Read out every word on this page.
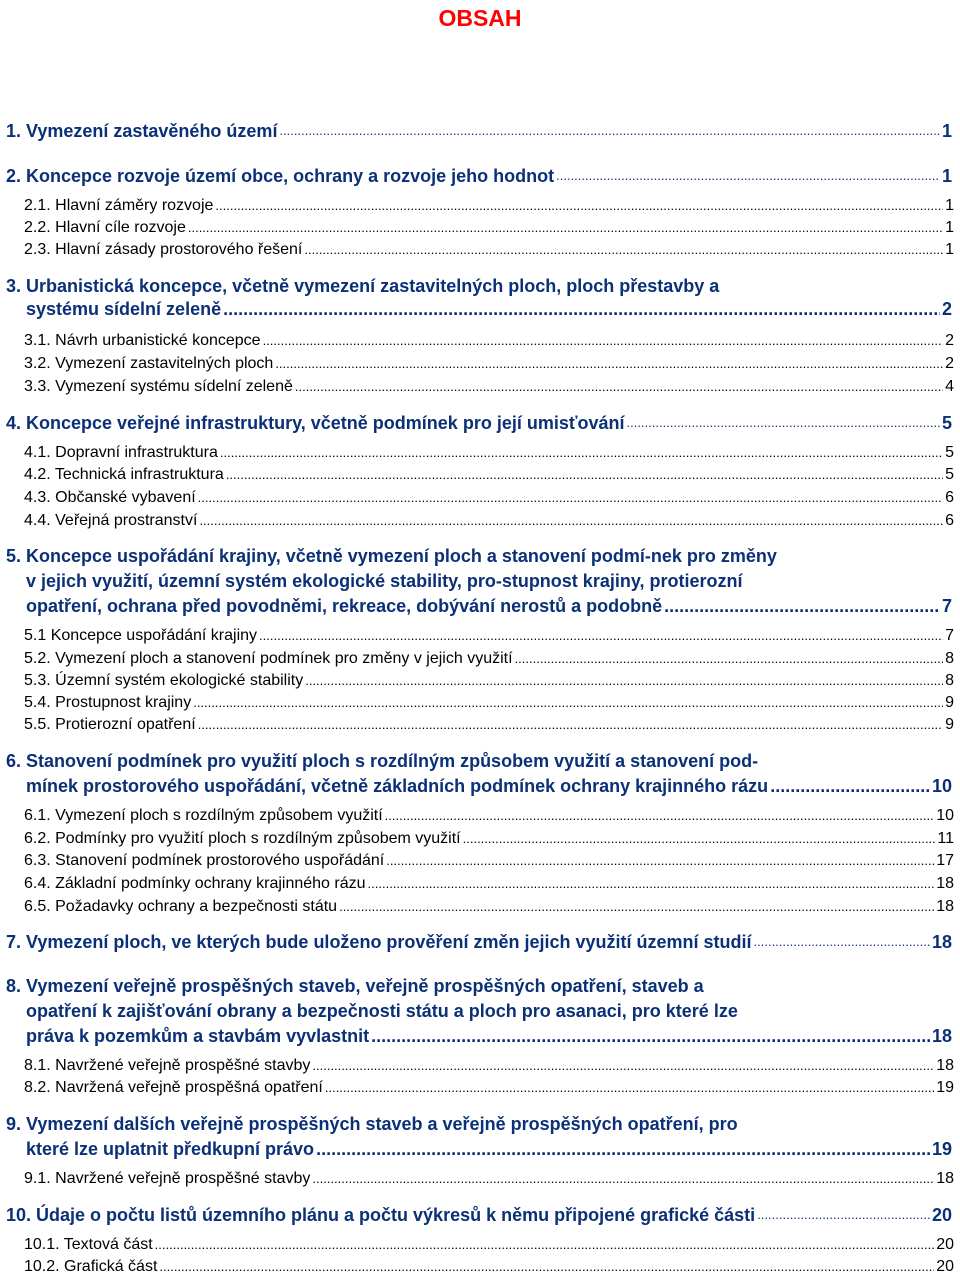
OBSAH
1. Vymezení zastavěného území .....	1
2. Koncepce rozvoje území obce, ochrany a rozvoje jeho hodnot .....	1
2.1. Hlavní záměry rozvoje .....	1
2.2. Hlavní cíle rozvoje .....	1
2.3. Hlavní zásady prostorového řešení .....	1
3. Urbanistická koncepce, včetně vymezení zastavitelných ploch, ploch přestavby a
systému sídelní zeleně .....	2
3.1. Návrh urbanistické koncepce .....	2
3.2. Vymezení zastavitelných ploch .....	2
3.3. Vymezení systému sídelní zeleně .....	4
4. Koncepce veřejné infrastruktury, včetně podmínek pro její umisťování .....	5
4.1. Dopravní infrastruktura .....	5
4.2. Technická infrastruktura .....	5
4.3. Občanské vybavení .....	6
4.4. Veřejná prostranství .....	6
5. Koncepce uspořádání krajiny, včetně vymezení ploch a stanovení podmí-nek pro změny
v jejich využití, územní systém ekologické stability, pro-stupnost krajiny, protierozní
opatření, ochrana před povodněmi, rekreace, dobývání nerostů a podobně .....	7
5.1 Koncepce uspořádání krajiny .....	7
5.2. Vymezení ploch a stanovení podmínek pro změny v jejich využití .....	8
5.3. Územní systém ekologické stability .....	8
5.4. Prostupnost krajiny .....	9
5.5. Protierozní opatření .....	9
6. Stanovení podmínek pro využití ploch s rozdílným způsobem využití a stanovení pod-
mínek prostorového uspořádání, včetně základních podmínek ochrany krajinného rázu .....	10
6.1. Vymezení ploch s rozdílným způsobem využití .....	10
6.2. Podmínky pro využití ploch s rozdílným způsobem využití .....	11
6.3. Stanovení podmínek prostorového uspořádání .....	17
6.4. Základní podmínky ochrany krajinného rázu .....	18
6.5. Požadavky ochrany a bezpečnosti státu .....	18
7. Vymezení ploch, ve kterých bude uloženo prověření změn jejich využití územní studií .....	18
8. Vymezení veřejně prospěšných staveb, veřejně prospěšných opatření, staveb a
opatření k zajišťování obrany a bezpečnosti státu a ploch pro asanaci, pro které lze
práva k pozemkům a stavbám vyvlastnit .....	18
8.1. Navržené veřejně prospěšné stavby .....	18
8.2. Navržená veřejně prospěšná opatření .....	19
9. Vymezení dalších veřejně prospěšných staveb a veřejně prospěšných opatření, pro
které lze uplatnit předkupní právo .....	19
9.1. Navržené veřejně prospěšné stavby .....	18
10. Údaje o počtu listů územního plánu a počtu výkresů k němu připojené grafické části .....	20
10.1. Textová část .....	20
10.2. Grafická část .....	20
